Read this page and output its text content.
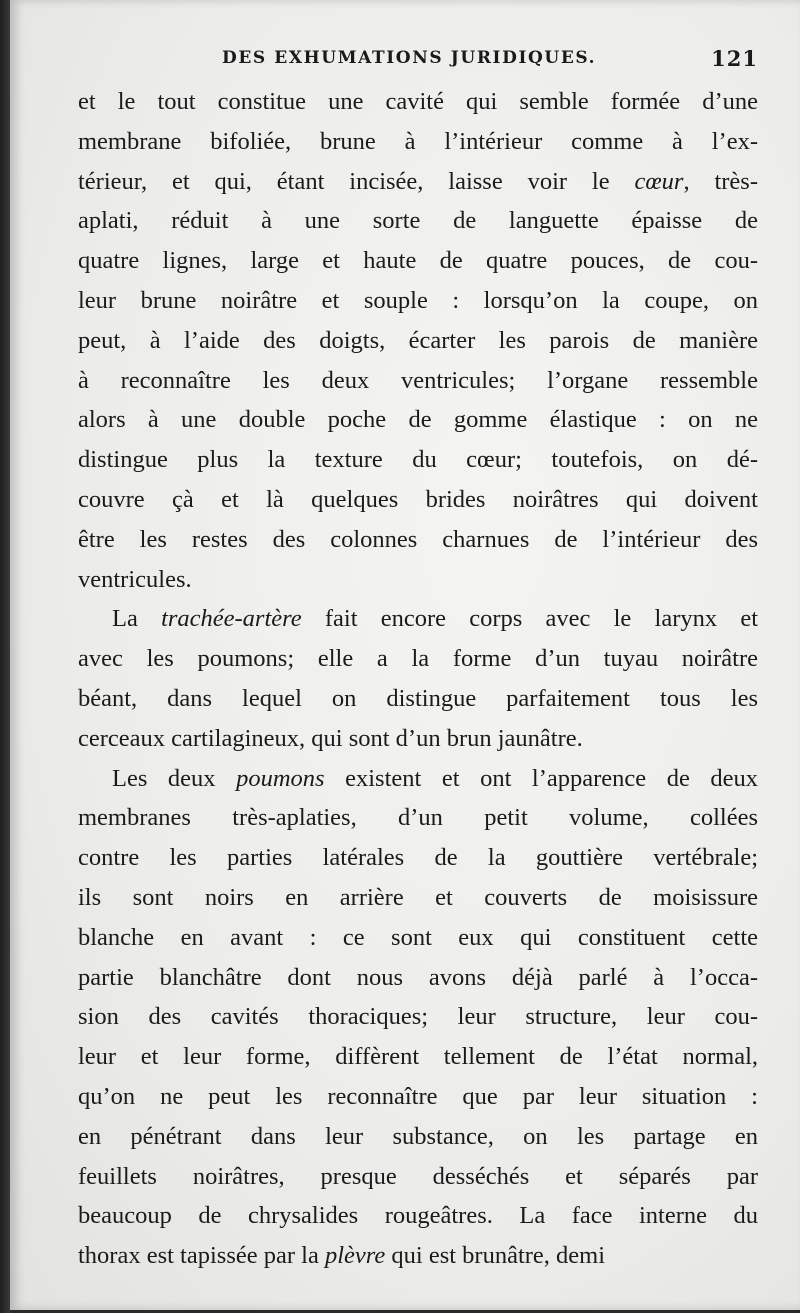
DES EXHUMATIONS JURIDIQUES.	121
et le tout constitue une cavité qui semble formée d’une
membrane bifoliée, brune à l’intérieur comme à l’ex-
térieur, et qui, étant incisée, laisse voir le cœur, très-
aplati, réduit à une sorte de languette épaisse de
quatre lignes, large et haute de quatre pouces, de cou-
leur brune noirâtre et souple : lorsqu’on la coupe, on
peut, à l’aide des doigts, écarter les parois de manière
à reconnaître les deux ventricules; l’organe ressemble
alors à une double poche de gomme élastique : on ne
distingue plus la texture du cœur; toutefois, on dé-
couvre çà et là quelques brides noirâtres qui doivent
être les restes des colonnes charnues de l’intérieur des
ventricules.
La trachée-artère fait encore corps avec le larynx et
avec les poumons; elle a la forme d’un tuyau noirâtre
béant, dans lequel on distingue parfaitement tous les
cerceaux cartilagineux, qui sont d’un brun jaunâtre.
Les deux poumons existent et ont l’apparence de deux
membranes très-aplaties, d’un petit volume, collées
contre les parties latérales de la gouttière vertébrale;
ils sont noirs en arrière et couverts de moisissure
blanche en avant : ce sont eux qui constituent cette
partie blanchâtre dont nous avons déjà parlé à l’occa-
sion des cavités thoraciques; leur structure, leur cou-
leur et leur forme, diffèrent tellement de l’état normal,
qu’on ne peut les reconnaître que par leur situation :
en pénétrant dans leur substance, on les partage en
feuillets noirâtres, presque desséchés et séparés par
beaucoup de chrysalides rougeâtres. La face interne du
thorax est tapissée par la plèvre qui est brunâtre, demi
